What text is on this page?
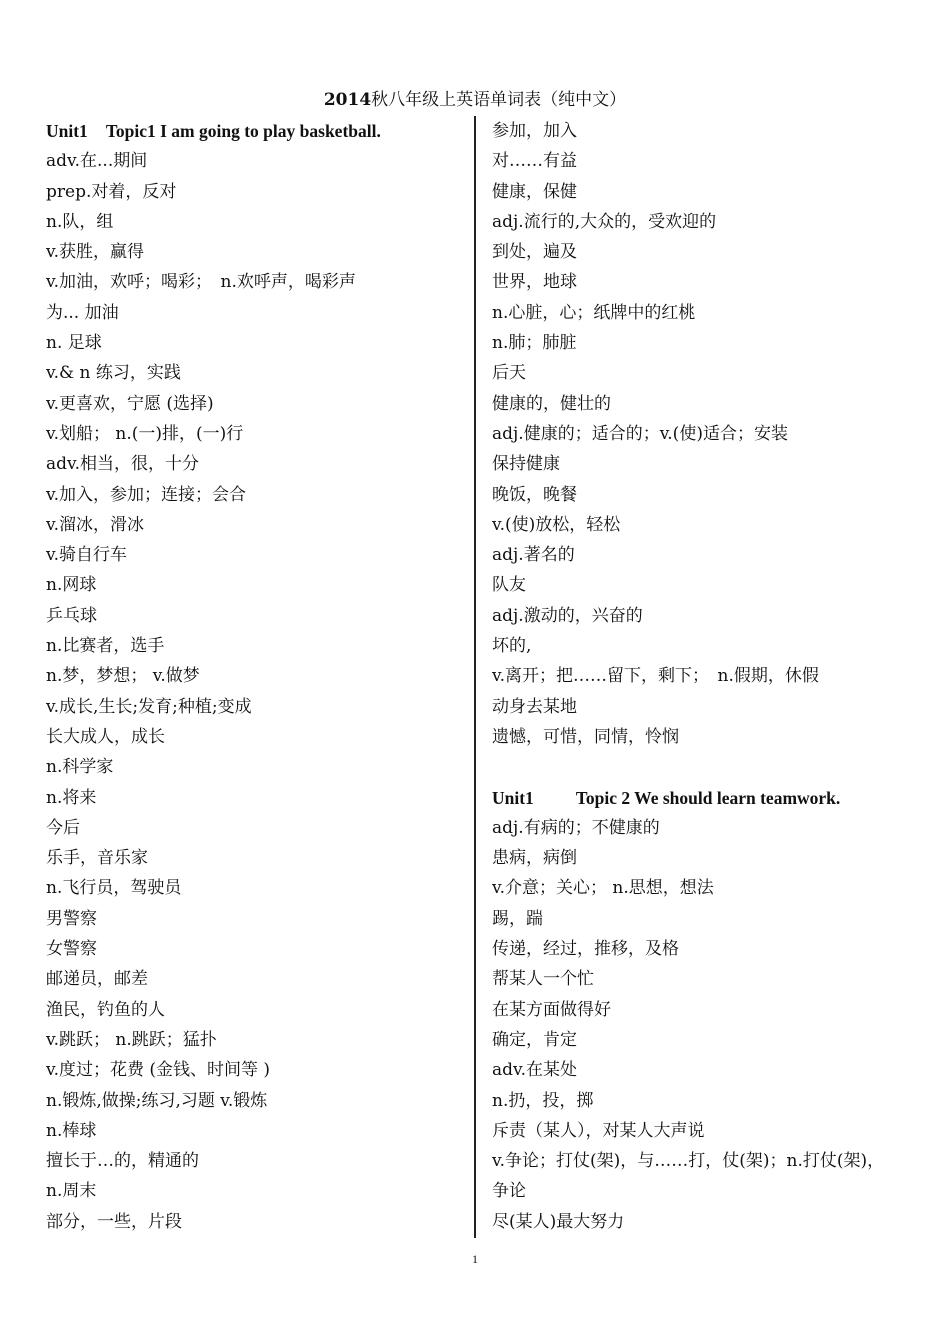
2014秋八年级上英语单词表（纯中文）
Unit1 Topic1 I am going to play basketball.
adv.在...期间
prep.对着，反对
n.队，组
v.获胜，赢得
v.加油，欢呼；喝彩；　n.欢呼声，喝彩声
为... 加油
n. 足球
v.& n 练习，实践
v.更喜欢，宁愿 (选择)
v.划船； n.(一)排，(一)行
adv.相当，很，十分
v.加入，参加；连接；会合
v.溜冰，滑冰
v.骑自行车
n.网球
乒乓球
n.比赛者，选手
n.梦，梦想； v.做梦
v.成长,生长;发育;种植;变成
长大成人，成长
n.科学家
n.将来
今后
乐手，音乐家
n.飞行员，驾驶员
男警察
女警察
邮递员，邮差
渔民，钓鱼的人
v.跳跃； n.跳跃；猛扑
v.度过；花费 (金钱、时间等 )
n.锻炼,做操;练习,习题 v.锻炼
n.棒球
擅长于…的，精通的
n.周末
部分，一些，片段
参加，加入
对……有益
健康，保健
adj.流行的,大众的，受欢迎的
到处，遍及
世界，地球
n.心脏，心；纸牌中的红桃
n.肺；肺脏
后天
健康的，健壮的
adj.健康的；适合的；v.(使)适合；安装
保持健康
晚饭，晚餐
v.(使)放松，轻松
adj.著名的
队友
adj.激动的，兴奋的
坏的,
v.离开；把……留下，剩下；　n.假期，休假
动身去某地
遗憾，可惜，同情，怜悯
Unit1 Topic 2 We should learn teamwork.
adj.有病的；不健康的
患病，病倒
v.介意；关心； n.思想，想法
踢，踹
传递，经过，推移，及格
帮某人一个忙
在某方面做得好
确定，肯定
adv.在某处
n.扔，投，掷
斥责（某人），对某人大声说
v.争论；打仗(架)，与……打，仗(架)；n.打仗(架)，
争论
尽(某人)最大努力
1
